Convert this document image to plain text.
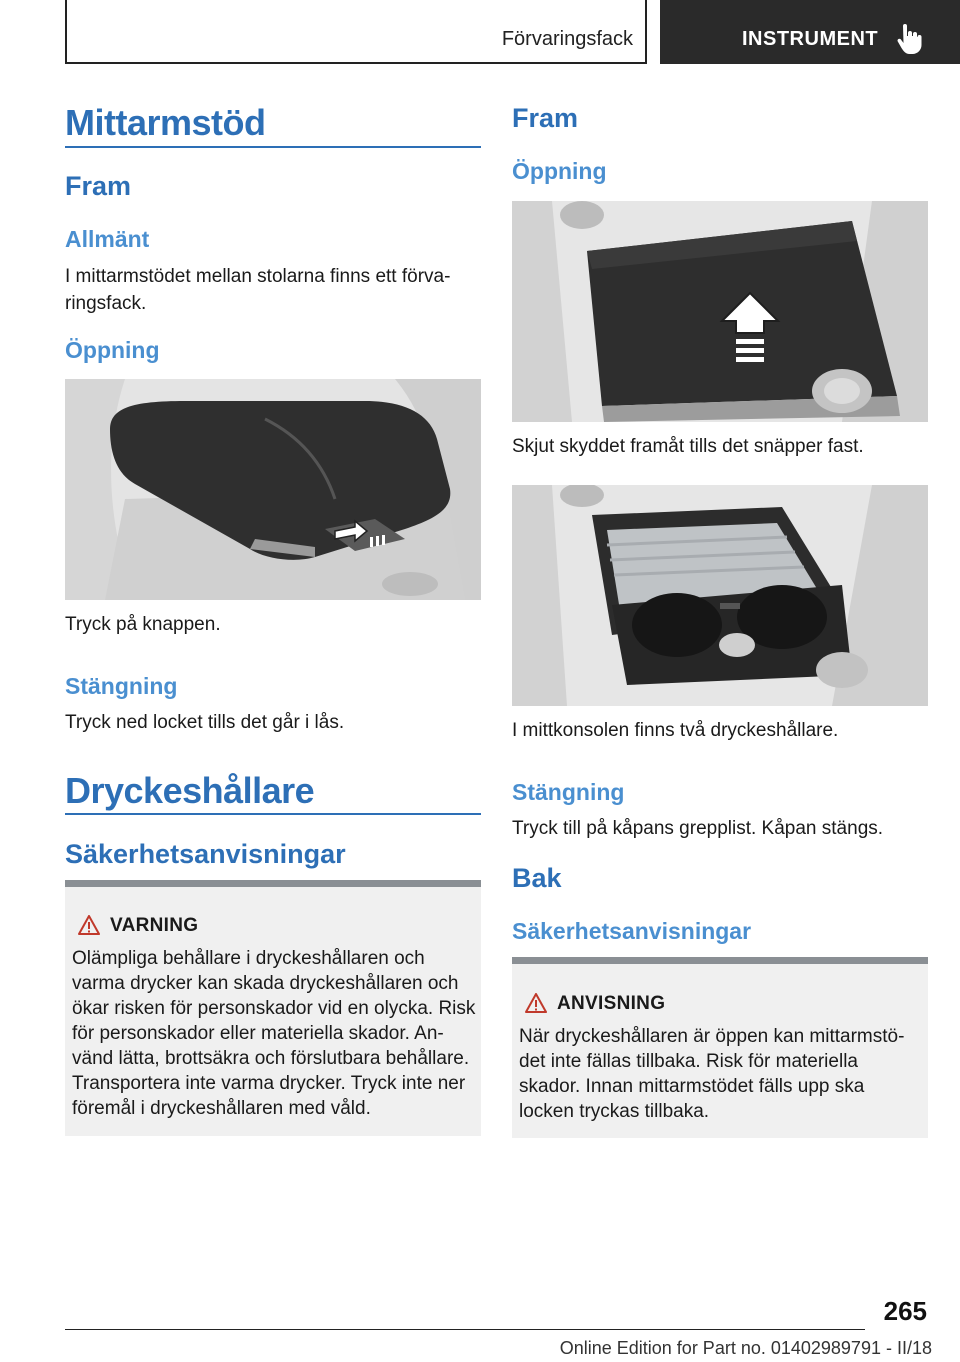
Förvaringsfack	INSTRUMENT
Mittarmstöd
Fram
Allmänt
I mittarmstödet mellan stolarna finns ett förva-ringsfack.
Öppning
Tryck på knappen.
Stängning
Tryck ned locket tills det går i lås.
Dryckeshållare
Säkerhetsanvisningar
VARNING
Olämpliga behållare i dryckeshållaren och varma drycker kan skada dryckeshållaren och ökar risken för personskador vid en olycka. Risk för personskador eller materiella skador. An-vänd lätta, brottsäkra och förslutbara behållare. Transportera inte varma drycker. Tryck inte ner föremål i dryckeshållaren med våld.
Fram
Öppning
Skjut skyddet framåt tills det snäpper fast.
I mittkonsolen finns två dryckeshållare.
Stängning
Tryck till på kåpans grepplist. Kåpan stängs.
Bak
Säkerhetsanvisningar
ANVISNING
När dryckeshållaren är öppen kan mittarmstö-det inte fällas tillbaka. Risk för materiella skador. Innan mittarmstödet fälls upp ska locken tryckas tillbaka.
265
Online Edition for Part no. 01402989791 - II/18
